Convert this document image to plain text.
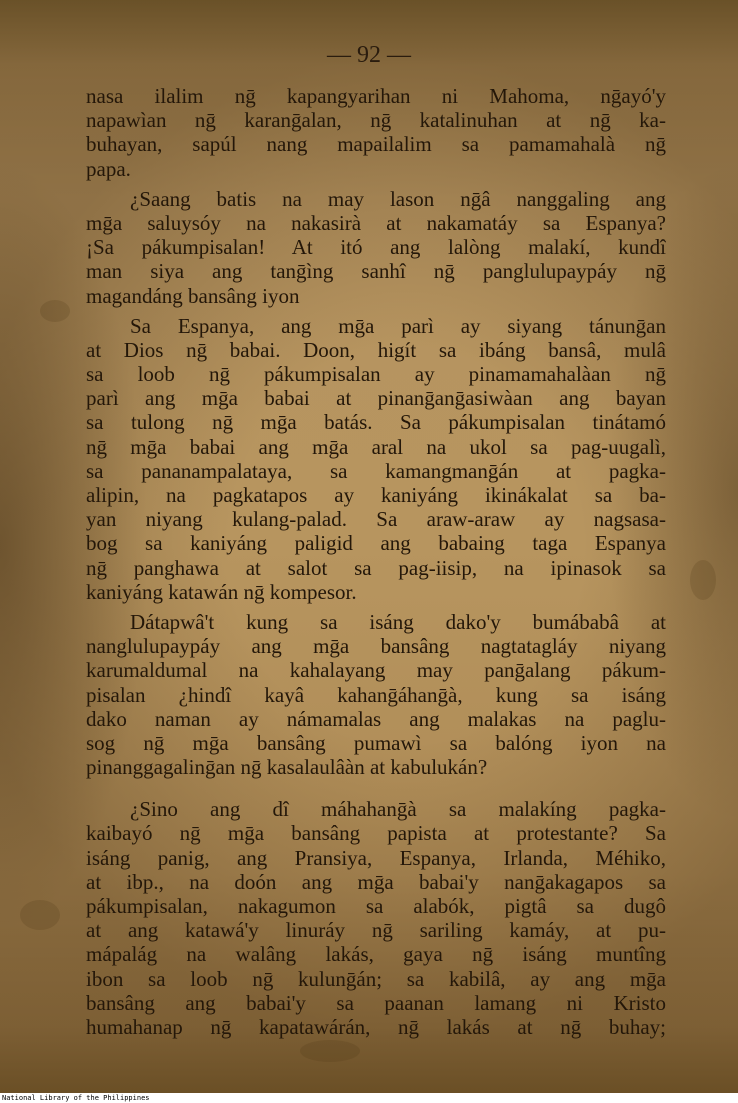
— 92 —
nasa ilalim nḡ kapangyarihan ni Mahoma, nḡayó'y
napawìan nḡ karanḡalan, nḡ katalinuhan at nḡ ka-
buhayan, sapúl nang mapailalim sa pamamahalà nḡ
papa.
¿Saang batis na may lason nḡâ nanggaling ang
mḡa saluysóy na nakasirà at nakamatáy sa Espanya?
¡Sa pákumpisalan! At itó ang lalòng malakí, kundî
man siya ang tanḡìng sanhî nḡ panglulupaypáy nḡ
magandáng bansâng iyon
Sa Espanya, ang mḡa parì ay siyang tánunḡan
at Dios nḡ babai. Doon, higít sa ibáng bansâ, mulâ
sa loob nḡ pákumpisalan ay pinamamahalàan nḡ
parì ang mḡa babai at pinanḡanḡasiwàan ang bayan
sa tulong nḡ mḡa batás. Sa pákumpisalan tinátamó
nḡ mḡa babai ang mḡa aral na ukol sa pag-uugalì,
sa pananampalataya, sa kamangmanḡán at pagka-
alipin, na pagkatapos ay kaniyáng ikinákalat sa ba-
yan niyang kulang-palad. Sa araw-araw ay nagsasa-
bog sa kaniyáng paligid ang babaing taga Espanya
nḡ panghawa at salot sa pag-iisip, na ipinasok sa
kaniyáng katawán nḡ kompesor.
Dátapwâ't kung sa isáng dako'y bumábabâ at
nanglulupaypáy ang mḡa bansâng nagtatagláy niyang
karumaldumal na kahalayang may panḡalang pákum-
pisalan ¿hindî kayâ kahanḡáhanḡà, kung sa isáng
dako naman ay námamalas ang malakas na paglu-
sog nḡ mḡa bansâng pumawì sa balóng iyon na
pinanggagalinḡan nḡ kasalaulâàn at kabulukán?
¿Sino ang dî máhahanḡà sa malakíng pagka-
kaibayó nḡ mḡa bansâng papista at protestante? Sa
isáng panig, ang Pransiya, Espanya, Irlanda, Méhiko,
at ibp., na doón ang mḡa babai'y nanḡakagapos sa
pákumpisalan, nakagumon sa alabók, pigtâ sa dugô
at ang katawá'y linuráy nḡ sariling kamáy, at pu-
mápalág na walâng lakás, gaya nḡ isáng muntîng
ibon sa loob nḡ kulunḡán; sa kabilâ, ay ang mḡa
bansâng ang babai'y sa paanan lamang ni Kristo
humahanap nḡ kapatawárán, nḡ lakás at nḡ buhay;
National Library of the Philippines
